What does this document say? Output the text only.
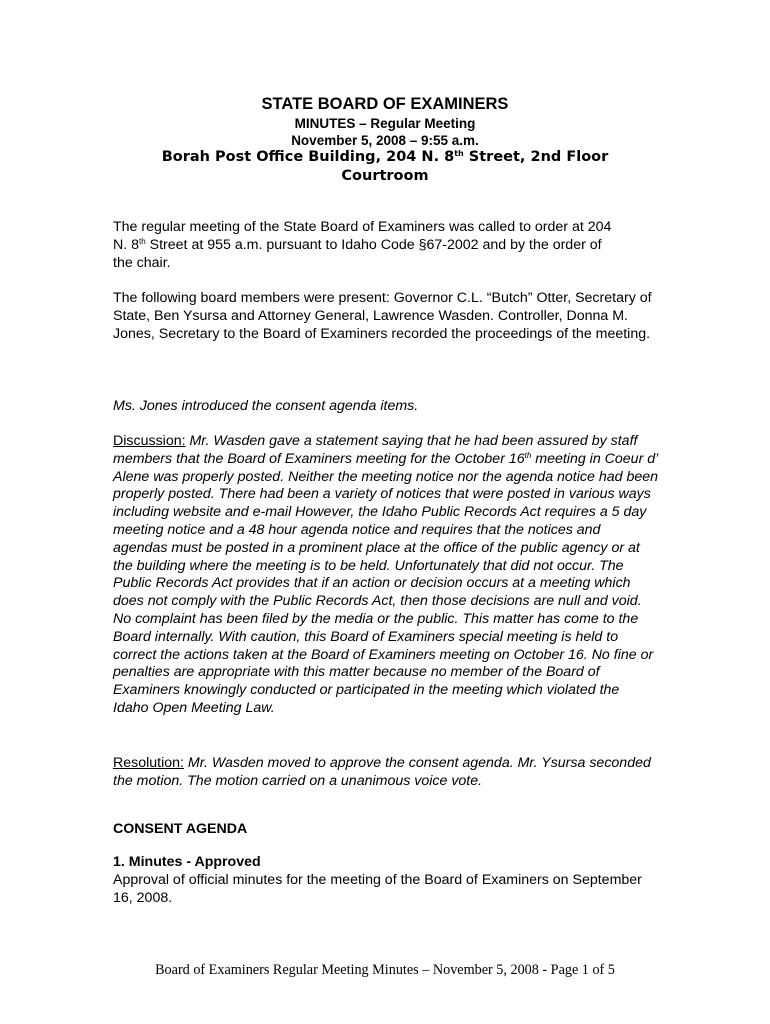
STATE BOARD OF EXAMINERS
MINUTES – Regular Meeting
November 5, 2008 – 9:55 a.m.
Borah Post Office Building, 204 N. 8th Street, 2nd Floor
Courtroom
The regular meeting of the State Board of Examiners was called to order at 204
N. 8th Street at 955 a.m. pursuant to Idaho Code §67-2002 and by the order of
the chair.
The following board members were present: Governor C.L. “Butch” Otter, Secretary of State, Ben Ysursa and Attorney General, Lawrence Wasden. Controller, Donna M. Jones, Secretary to the Board of Examiners recorded the proceedings of the meeting.
Ms. Jones introduced the consent agenda items.
Discussion: Mr. Wasden gave a statement saying that he had been assured by staff members that the Board of Examiners meeting for the October 16th meeting in Coeur d’ Alene was properly posted. Neither the meeting notice nor the agenda notice had been properly posted. There had been a variety of notices that were posted in various ways including website and e-mail However, the Idaho Public Records Act requires a 5 day meeting notice and a 48 hour agenda notice and requires that the notices and agendas must be posted in a prominent place at the office of the public agency or at the building where the meeting is to be held. Unfortunately that did not occur. The Public Records Act provides that if an action or decision occurs at a meeting which does not comply with the Public Records Act, then those decisions are null and void. No complaint has been filed by the media or the public. This matter has come to the Board internally. With caution, this Board of Examiners special meeting is held to correct the actions taken at the Board of Examiners meeting on October 16. No fine or penalties are appropriate with this matter because no member of the Board of Examiners knowingly conducted or participated in the meeting which violated the Idaho Open Meeting Law.
Resolution: Mr. Wasden moved to approve the consent agenda. Mr. Ysursa seconded the motion. The motion carried on a unanimous voice vote.
CONSENT AGENDA
1. Minutes - Approved
Approval of official minutes for the meeting of the Board of Examiners on September 16, 2008.
Board of Examiners Regular Meeting Minutes – November 5, 2008 - Page 1 of 5
